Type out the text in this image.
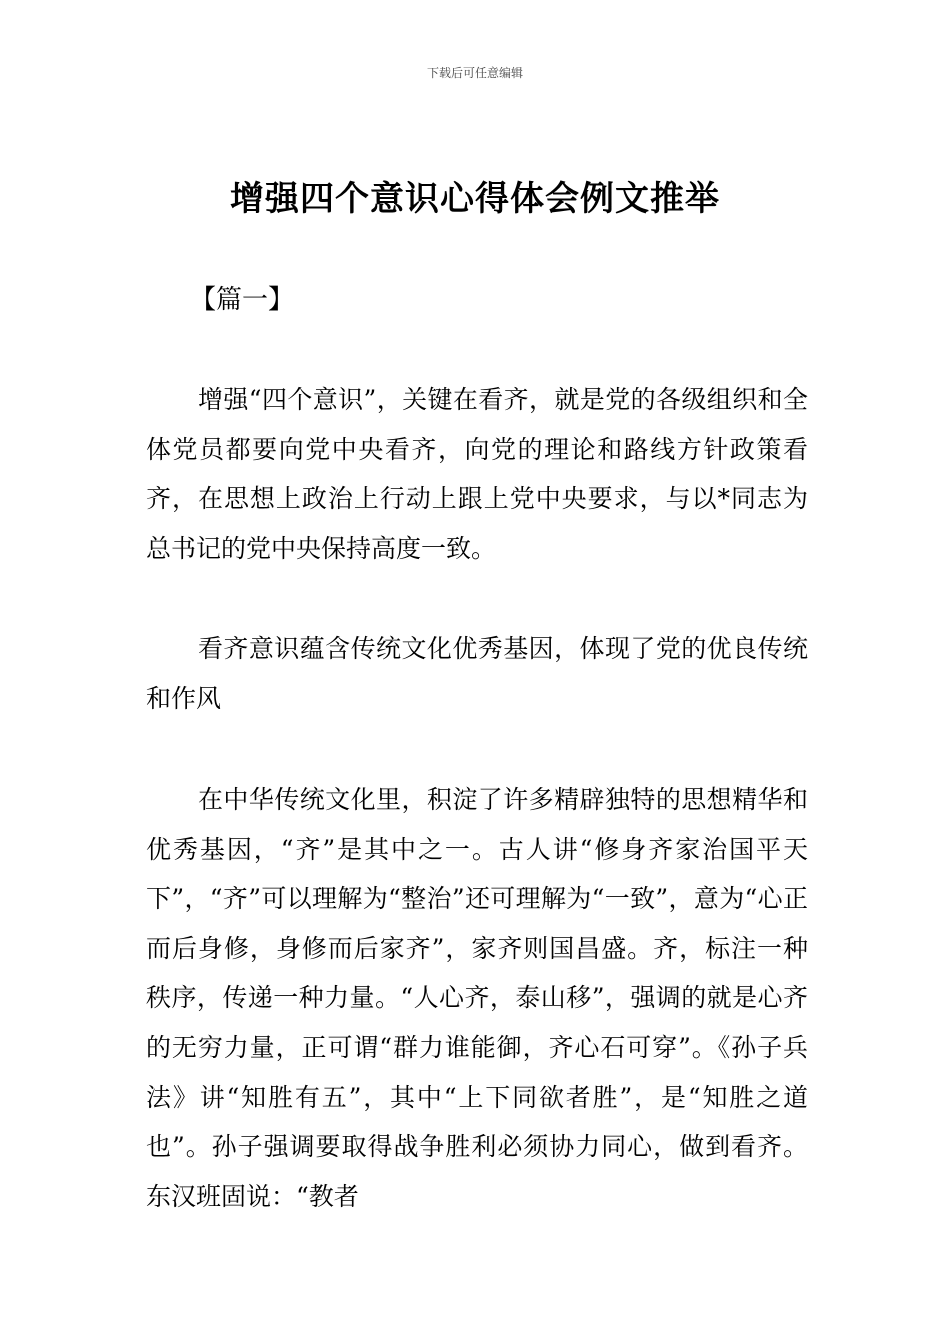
下载后可任意编辑
增强四个意识心得体会例文推举
【篇一】

增强“四个意识”，关键在看齐，就是党的各级组织和全体党员都要向党中央看齐，向党的理论和路线方针政策看齐，在思想上政治上行动上跟上党中央要求，与以*同志为总书记的党中央保持高度一致。

看齐意识蕴含传统文化优秀基因，体现了党的优良传统和作风

在中华传统文化里，积淀了许多精辟独特的思想精华和优秀基因，“齐”是其中之一。古人讲“修身齐家治国平天下”，“齐”可以理解为“整治”还可理解为“一致”，意为“心正而后身修，身修而后家齐”，家齐则国昌盛。齐，标注一种秩序，传递一种力量。“人心齐，泰山移”，强调的就是心齐的无穷力量，正可谓“群力谁能御，齐心石可穿”。《孙子兵法》讲“知胜有五”，其中“上下同欲者胜”，是“知胜之道也”。孙子强调要取得战争胜利必须协力同心，做到看齐。东汉班固说：“教者
